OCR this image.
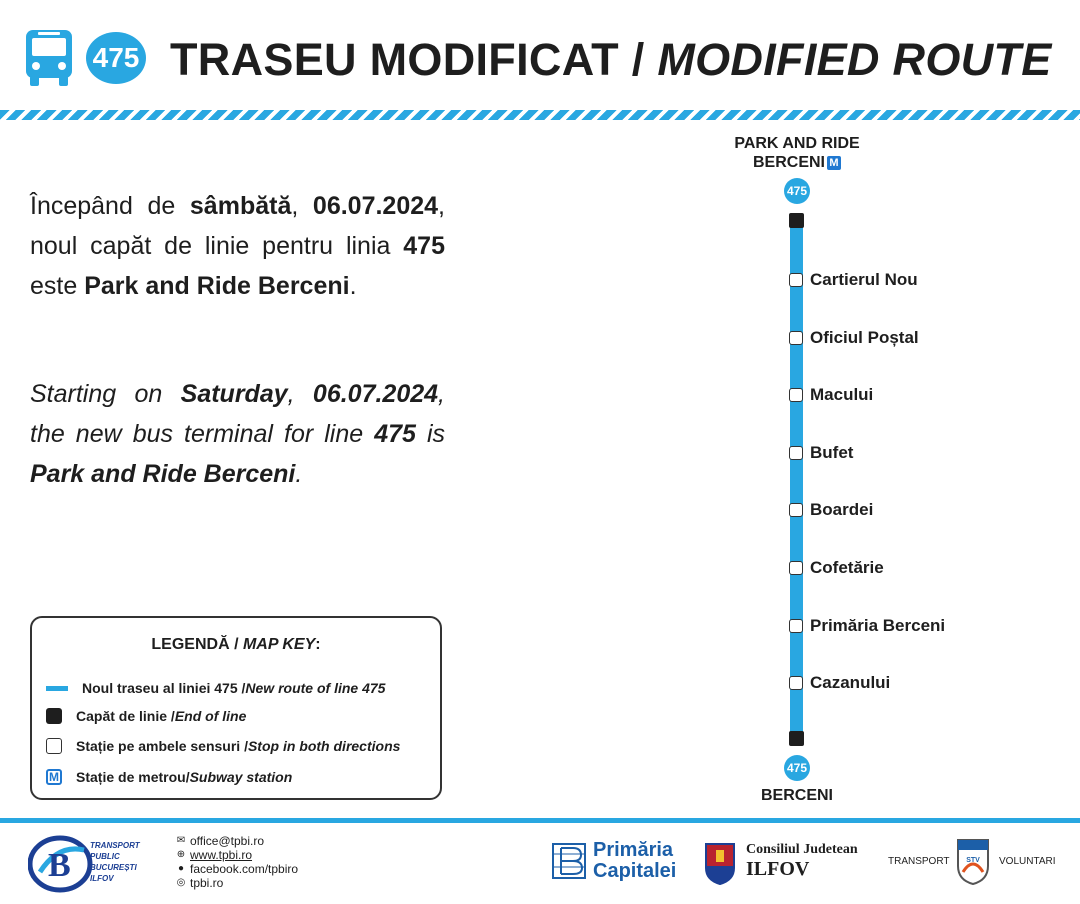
475 TRASEU MODIFICAT / MODIFIED ROUTE
Începând de sâmbătă, 06.07.2024, noul capăt de linie pentru linia 475 este Park and Ride Berceni.
Starting on Saturday, 06.07.2024, the new bus terminal for line 475 is Park and Ride Berceni.
LEGENDĂ / MAP KEY:
Noul traseu al liniei 475 / New route of line 475
Capăt de linie / End of line
Stație pe ambele sensuri / Stop in both directions
M Stație de metrou/ Subway station
PARK AND RIDE
BERCENI M
475
475
BERCENI
Cartierul Nou
Oficiul Poștal
Macului
Bufet
Boardei
Cofetărie
Primăria Berceni
Cazanului
B
TRANSPORT
PUBLIC
BUCUREȘTI
ILFOV
✉ office@tpbi.ro
⊕ www.tpbi.ro
● facebook.com/tpbiro
◎ tpbi.ro
Primăria
Capitalei
Consiliul Judetean
ILFOV	TRANSPORT STV VOLUNTARI
